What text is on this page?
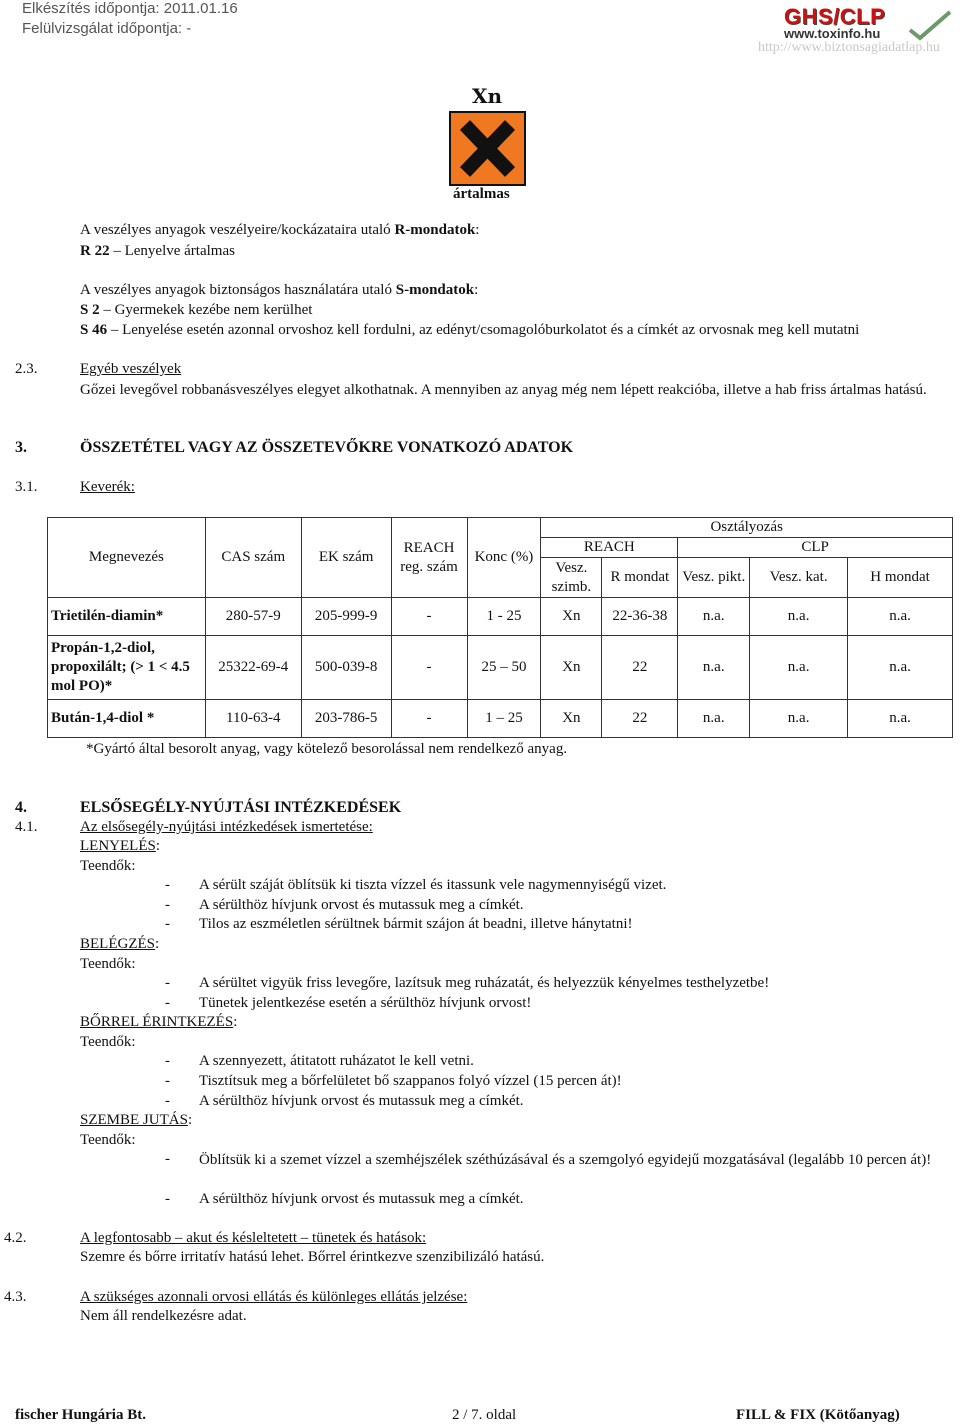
Elkészítés időpontja: 2011.01.16
Felülvizsgálat időpontja: -	GHS/CLP
www.toxinfo.hu
http://www.biztonsagiadatlap.hu
Xn
ártalmas
A veszélyes anyagok veszélyeire/kockázataira utaló R-mondatok:
R 22 – Lenyelve ártalmas
A veszélyes anyagok biztonságos használatára utaló S-mondatok:
S 2 – Gyermekek kezébe nem kerülhet
S 46 – Lenyelése esetén azonnal orvoshoz kell fordulni, az edényt/csomagolóburkolatot és a címkét az orvosnak meg kell mutatni
2.3.	Egyéb veszélyek
Gőzei levegővel robbanásveszélyes elegyet alkothatnak. A mennyiben az anyag még nem lépett reakcióba, illetve a hab friss ártalmas hatású.
3.	ÖSSZETÉTEL VAGY AZ ÖSSZETEVŐKRE VONATKOZÓ ADATOK
3.1.	Keverék:
Megnevezés	CAS szám	EK szám	REACH reg. szám	Konc (%)	Osztályozás				
					REACH		CLP		
					Vesz. szimb.	R mondat	Vesz. pikt.	Vesz. kat.	H mondat
Trietilén-diamin*	280-57-9	205-999-9	-	1 - 25	Xn	22-36-38	n.a.	n.a.	n.a.
Propán-1,2-diol, propoxilált; (> 1 < 4.5 mol PO)*	25322-69-4	500-039-8	-	25 – 50	Xn	22	n.a.	n.a.	n.a.
Bután-1,4-diol *	110-63-4	203-786-5	-	1 – 25	Xn	22	n.a.	n.a.	n.a.
*Gyártó által besorolt anyag, vagy kötelező besorolással nem rendelkező anyag.
4.	ELSŐSEGÉLY-NYÚJTÁSI INTÉZKEDÉSEK
4.1.	Az elsősegély-nyújtási intézkedések ismertetése:
LENYELÉS:
Teendők:
- A sérült száját öblítsük ki tiszta vízzel és itassunk vele nagymennyiségű vizet.
- A sérülthöz hívjunk orvost és mutassuk meg a címkét.
- Tilos az eszméletlen sérültnek bármit szájon át beadni, illetve hánytatni!
BELÉGZÉS:
Teendők:
- A sérültet vigyük friss levegőre, lazítsuk meg ruházatát, és helyezzük kényelmes testhelyzetbe!
- Tünetek jelentkezése esetén a sérülthöz hívjunk orvost!
BŐRREL ÉRINTKEZÉS:
Teendők:
- A szennyezett, átitatott ruházatot le kell vetni.
- Tisztítsuk meg a bőrfelületet bő szappanos folyó vízzel (15 percen át)!
- A sérülthöz hívjunk orvost és mutassuk meg a címkét.
SZEMBE JUTÁS:
Teendők:
- Öblítsük ki a szemet vízzel a szemhéjszélek széthúzásával és a szemgolyó egyidejű mozgatásával (legalább 10 percen át)!
- A sérülthöz hívjunk orvost és mutassuk meg a címkét.
4.2.	A legfontosabb – akut és késleltetett – tünetek és hatások:
Szemre és bőrre irritatív hatású lehet. Bőrrel érintkezve szenzibilizáló hatású.
4.3.	A szükséges azonnali orvosi ellátás és különleges ellátás jelzése:
Nem áll rendelkezésre adat.
fischer Hungária Bt.	2 / 7. oldal	FILL & FIX (Kötőanyag)
